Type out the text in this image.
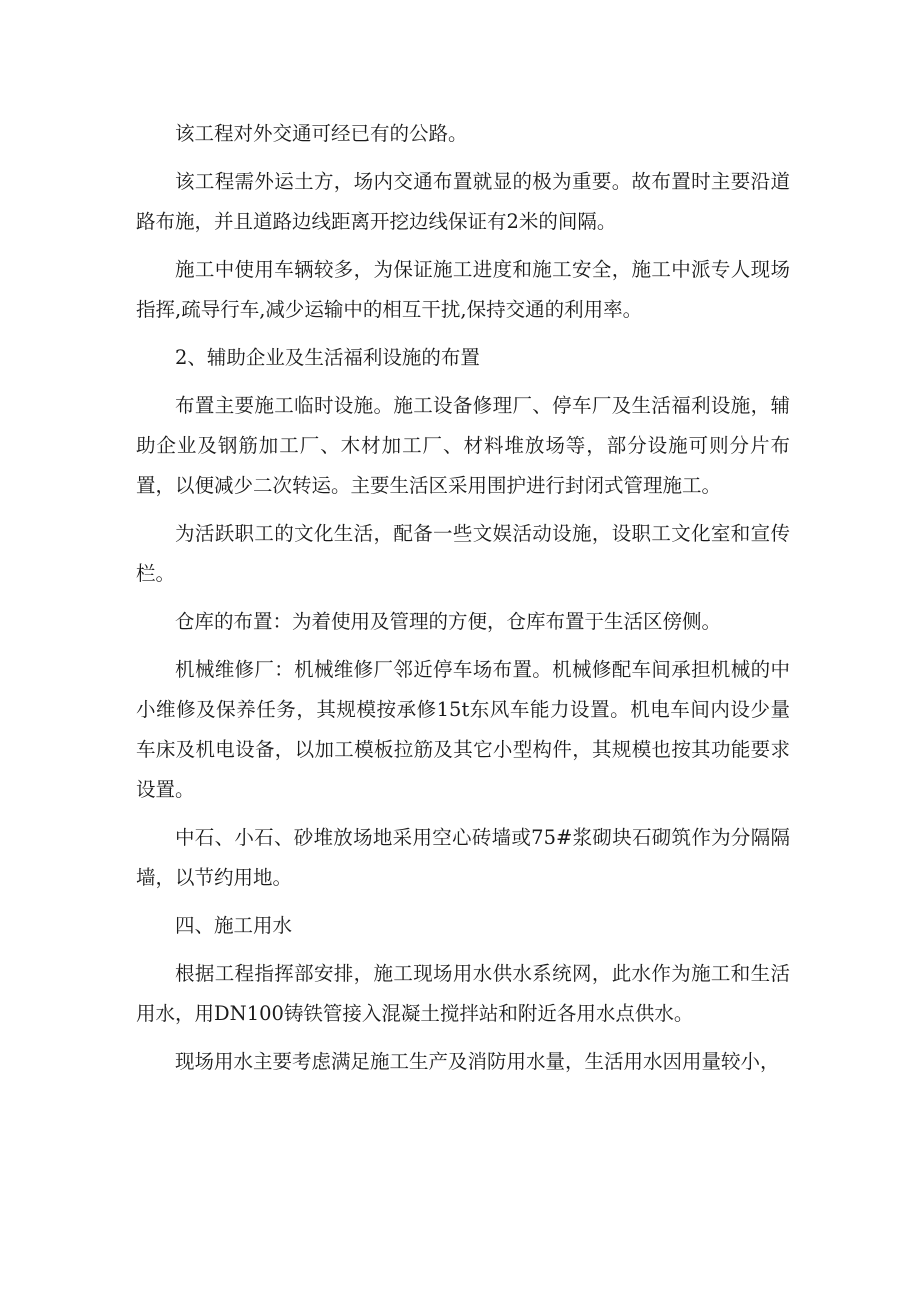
该工程对外交通可经已有的公路。

该工程需外运土方，场内交通布置就显的极为重要。故布置时主要沿道路布施，并且道路边线距离开挖边线保证有2米的间隔。

施工中使用车辆较多，为保证施工进度和施工安全，施工中派专人现场指挥,疏导行车,减少运输中的相互干扰,保持交通的利用率。

2、辅助企业及生活福利设施的布置

布置主要施工临时设施。施工设备修理厂、停车厂及生活福利设施，辅助企业及钢筋加工厂、木材加工厂、材料堆放场等，部分设施可则分片布置，以便减少二次转运。主要生活区采用围护进行封闭式管理施工。

为活跃职工的文化生活，配备一些文娱活动设施，设职工文化室和宣传栏。

仓库的布置：为着使用及管理的方便，仓库布置于生活区傍侧。

机械维修厂：机械维修厂邻近停车场布置。机械修配车间承担机械的中小维修及保养任务，其规模按承修15t东风车能力设置。机电车间内设少量车床及机电设备，以加工模板拉筋及其它小型构件，其规模也按其功能要求设置。

中石、小石、砂堆放场地采用空心砖墙或75#浆砌块石砌筑作为分隔隔墙，以节约用地。

四、施工用水

根据工程指挥部安排，施工现场用水供水系统网，此水作为施工和生活用水，用DN100铸铁管接入混凝土搅拌站和附近各用水点供水。

现场用水主要考虑满足施工生产及消防用水量，生活用水因用量较小，
